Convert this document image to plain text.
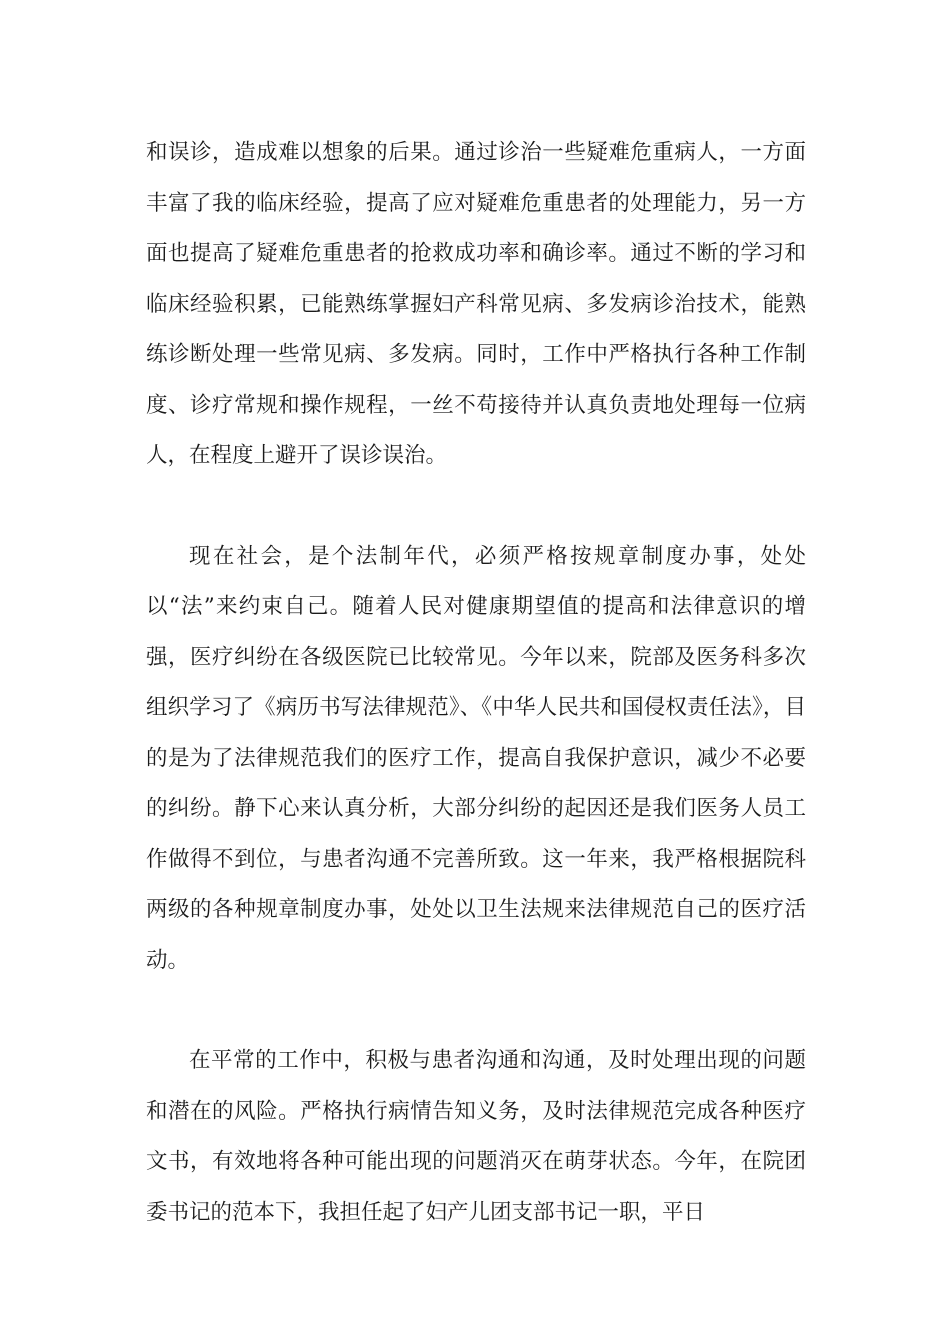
和误诊，造成难以想象的后果。通过诊治一些疑难危重病人，一方面丰富了我的临床经验，提高了应对疑难危重患者的处理能力，另一方面也提高了疑难危重患者的抢救成功率和确诊率。通过不断的学习和临床经验积累，已能熟练掌握妇产科常见病、多发病诊治技术，能熟练诊断处理一些常见病、多发病。同时，工作中严格执行各种工作制度、诊疗常规和操作规程，一丝不苟接待并认真负责地处理每一位病人，在程度上避开了误诊误治。

现在社会，是个法制年代，必须严格按规章制度办事，处处以“法”来约束自己。随着人民对健康期望值的提高和法律意识的增强，医疗纠纷在各级医院已比较常见。今年以来，院部及医务科多次组织学习了《病历书写法律规范》、《中华人民共和国侵权责任法》，目的是为了法律规范我们的医疗工作，提高自我保护意识，减少不必要的纠纷。静下心来认真分析，大部分纠纷的起因还是我们医务人员工作做得不到位，与患者沟通不完善所致。这一年来，我严格根据院科两级的各种规章制度办事，处处以卫生法规来法律规范自己的医疗活动。

在平常的工作中，积极与患者沟通和沟通，及时处理出现的问题和潜在的风险。严格执行病情告知义务，及时法律规范完成各种医疗文书，有效地将各种可能出现的问题消灭在萌芽状态。今年，在院团委书记的范本下，我担任起了妇产儿团支部书记一职，平日
